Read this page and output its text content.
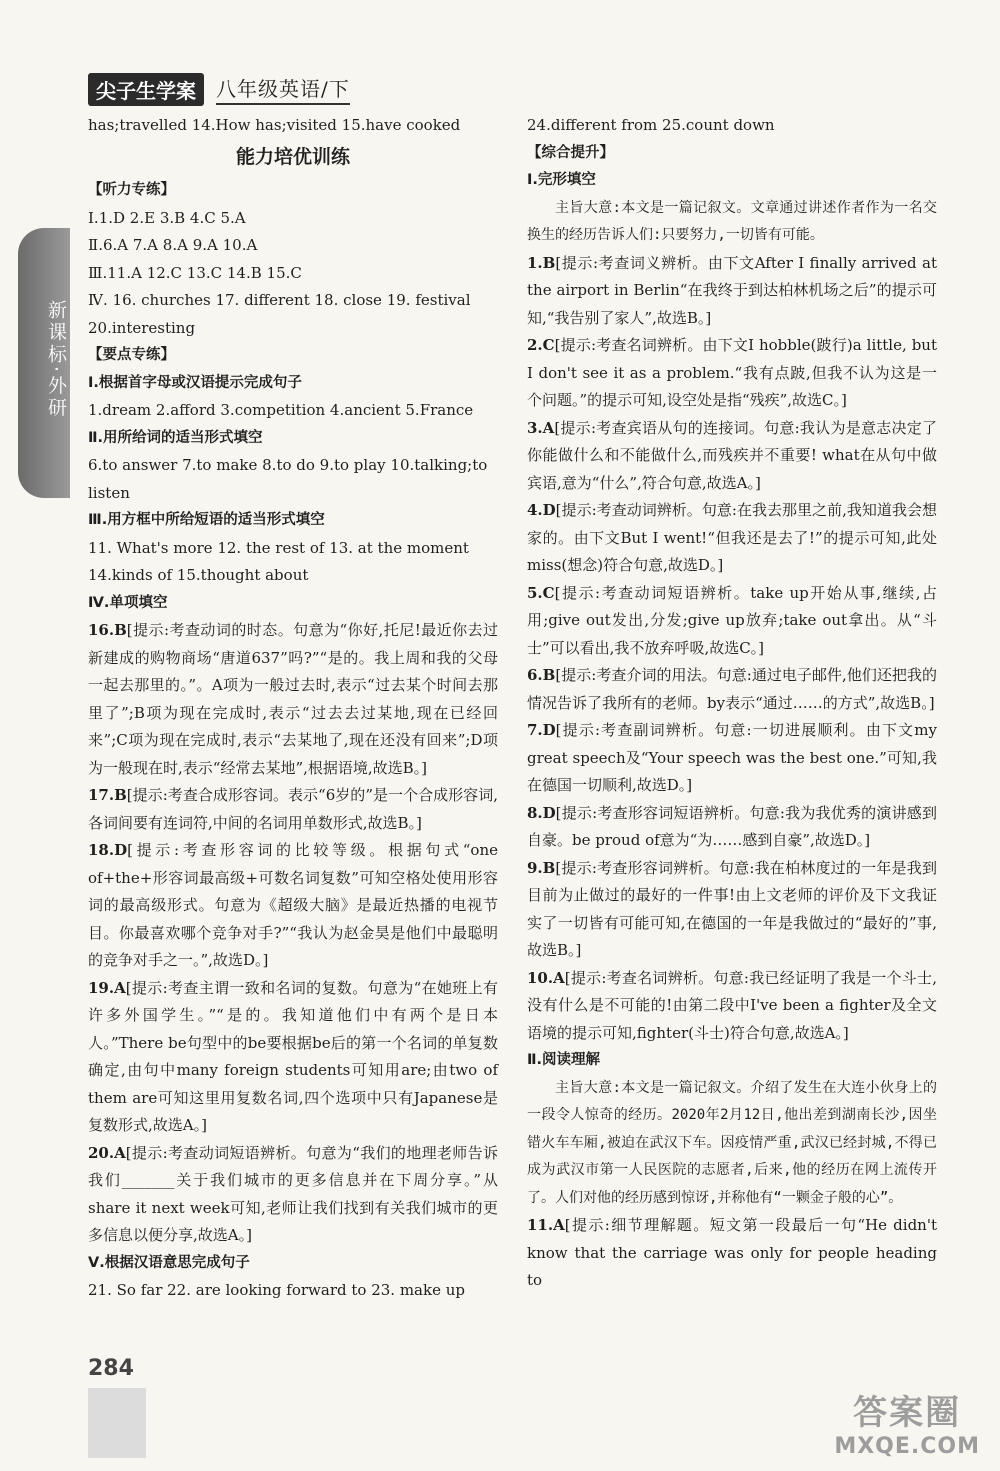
尖子生学案	八年级英语/下
新课标·外研
has;travelled 14.How has;visited 15.have cooked
能力培优训练
【听力专练】
Ⅰ.1.D 2.E 3.B 4.C 5.A
Ⅱ.6.A 7.A 8.A 9.A 10.A
Ⅲ.11.A 12.C 13.C 14.B 15.C
Ⅳ. 16. churches 17. different 18. close 19. festival
20.interesting
【要点专练】
Ⅰ.根据首字母或汉语提示完成句子
1.dream 2.afford 3.competition 4.ancient 5.France
Ⅱ.用所给词的适当形式填空
6.to answer 7.to make 8.to do 9.to play 10.talking;to
listen
Ⅲ.用方框中所给短语的适当形式填空
11. What's more 12. the rest of 13. at the moment
14.kinds of 15.thought about
Ⅳ.单项填空

16.B[提示:考查动词的时态。句意为“你好,托尼!最近你去过新建成的购物商场“唐道637”吗?”“是的。我上周和我的父母一起去那里的。”。A项为一般过去时,表示“过去某个时间去那里了”;B项为现在完成时,表示“过去去过某地,现在已经回来”;C项为现在完成时,表示“去某地了,现在还没有回来”;D项为一般现在时,表示“经常去某地”,根据语境,故选B。]

17.B[提示:考查合成形容词。表示“6岁的”是一个合成形容词,各词间要有连词符,中间的名词用单数形式,故选B。]

18.D[提示:考查形容词的比较等级。根据句式“one of+the+形容词最高级+可数名词复数”可知空格处使用形容词的最高级形式。句意为《超级大脑》是最近热播的电视节目。你最喜欢哪个竞争对手?”“我认为赵金昊是他们中最聪明的竞争对手之一。”,故选D。]

19.A[提示:考查主谓一致和名词的复数。句意为“在她班上有许多外国学生。”“是的。我知道他们中有两个是日本人。”There be句型中的be要根据be后的第一个名词的单复数确定,由句中many foreign students可知用are;由two of them are可知这里用复数名词,四个选项中只有Japanese是复数形式,故选A。]

20.A[提示:考查动词短语辨析。句意为“我们的地理老师告诉我们_______关于我们城市的更多信息并在下周分享。”从share it next week可知,老师让我们找到有关我们城市的更多信息以便分享,故选A。]

Ⅴ.根据汉语意思完成句子
21. So far 22. are looking forward to 23. make up
24.different from 25.count down
【综合提升】
Ⅰ.完形填空

主旨大意:本文是一篇记叙文。文章通过讲述作者作为一名交换生的经历告诉人们:只要努力,一切皆有可能。

1.B[提示:考查词义辨析。由下文After I finally arrived at the airport in Berlin“在我终于到达柏林机场之后”的提示可知,“我告别了家人”,故选B。]

2.C[提示:考查名词辨析。由下文I hobble(跛行)a little, but I don't see it as a problem.“我有点跛,但我不认为这是一个问题。”的提示可知,设空处是指“残疾”,故选C。]

3.A[提示:考查宾语从句的连接词。句意:我认为是意志决定了你能做什么和不能做什么,而残疾并不重要! what在从句中做宾语,意为“什么”,符合句意,故选A。]

4.D[提示:考查动词辨析。句意:在我去那里之前,我知道我会想家的。由下文But I went!“但我还是去了!”的提示可知,此处miss(想念)符合句意,故选D。]

5.C[提示:考查动词短语辨析。take up开始从事,继续,占用;give out发出,分发;give up放弃;take out拿出。从“斗士”可以看出,我不放弃呼吸,故选C。]

6.B[提示:考查介词的用法。句意:通过电子邮件,他们还把我的情况告诉了我所有的老师。by表示“通过……的方式”,故选B。]

7.D[提示:考查副词辨析。句意:一切进展顺利。由下文my great speech及“Your speech was the best one.”可知,我在德国一切顺利,故选D。]

8.D[提示:考查形容词短语辨析。句意:我为我优秀的演讲感到自豪。be proud of意为“为……感到自豪”,故选D。]

9.B[提示:考查形容词辨析。句意:我在柏林度过的一年是我到目前为止做过的最好的一件事!由上文老师的评价及下文我证实了一切皆有可能可知,在德国的一年是我做过的“最好的”事,故选B。]

10.A[提示:考查名词辨析。句意:我已经证明了我是一个斗士,没有什么是不可能的!由第二段中I've been a fighter及全文语境的提示可知,fighter(斗士)符合句意,故选A。]

Ⅱ.阅读理解

主旨大意:本文是一篇记叙文。介绍了发生在大连小伙身上的一段令人惊奇的经历。2020年2月12日,他出差到湖南长沙,因坐错火车车厢,被迫在武汉下车。因疫情严重,武汉已经封城,不得已成为武汉市第一人民医院的志愿者,后来,他的经历在网上流传开了。人们对他的经历感到惊讶,并称他有“一颗金子般的心”。

11.A[提示:细节理解题。短文第一段最后一句“He didn't know that the carriage was only for people heading to

284
答案圈
MXQE.COM
